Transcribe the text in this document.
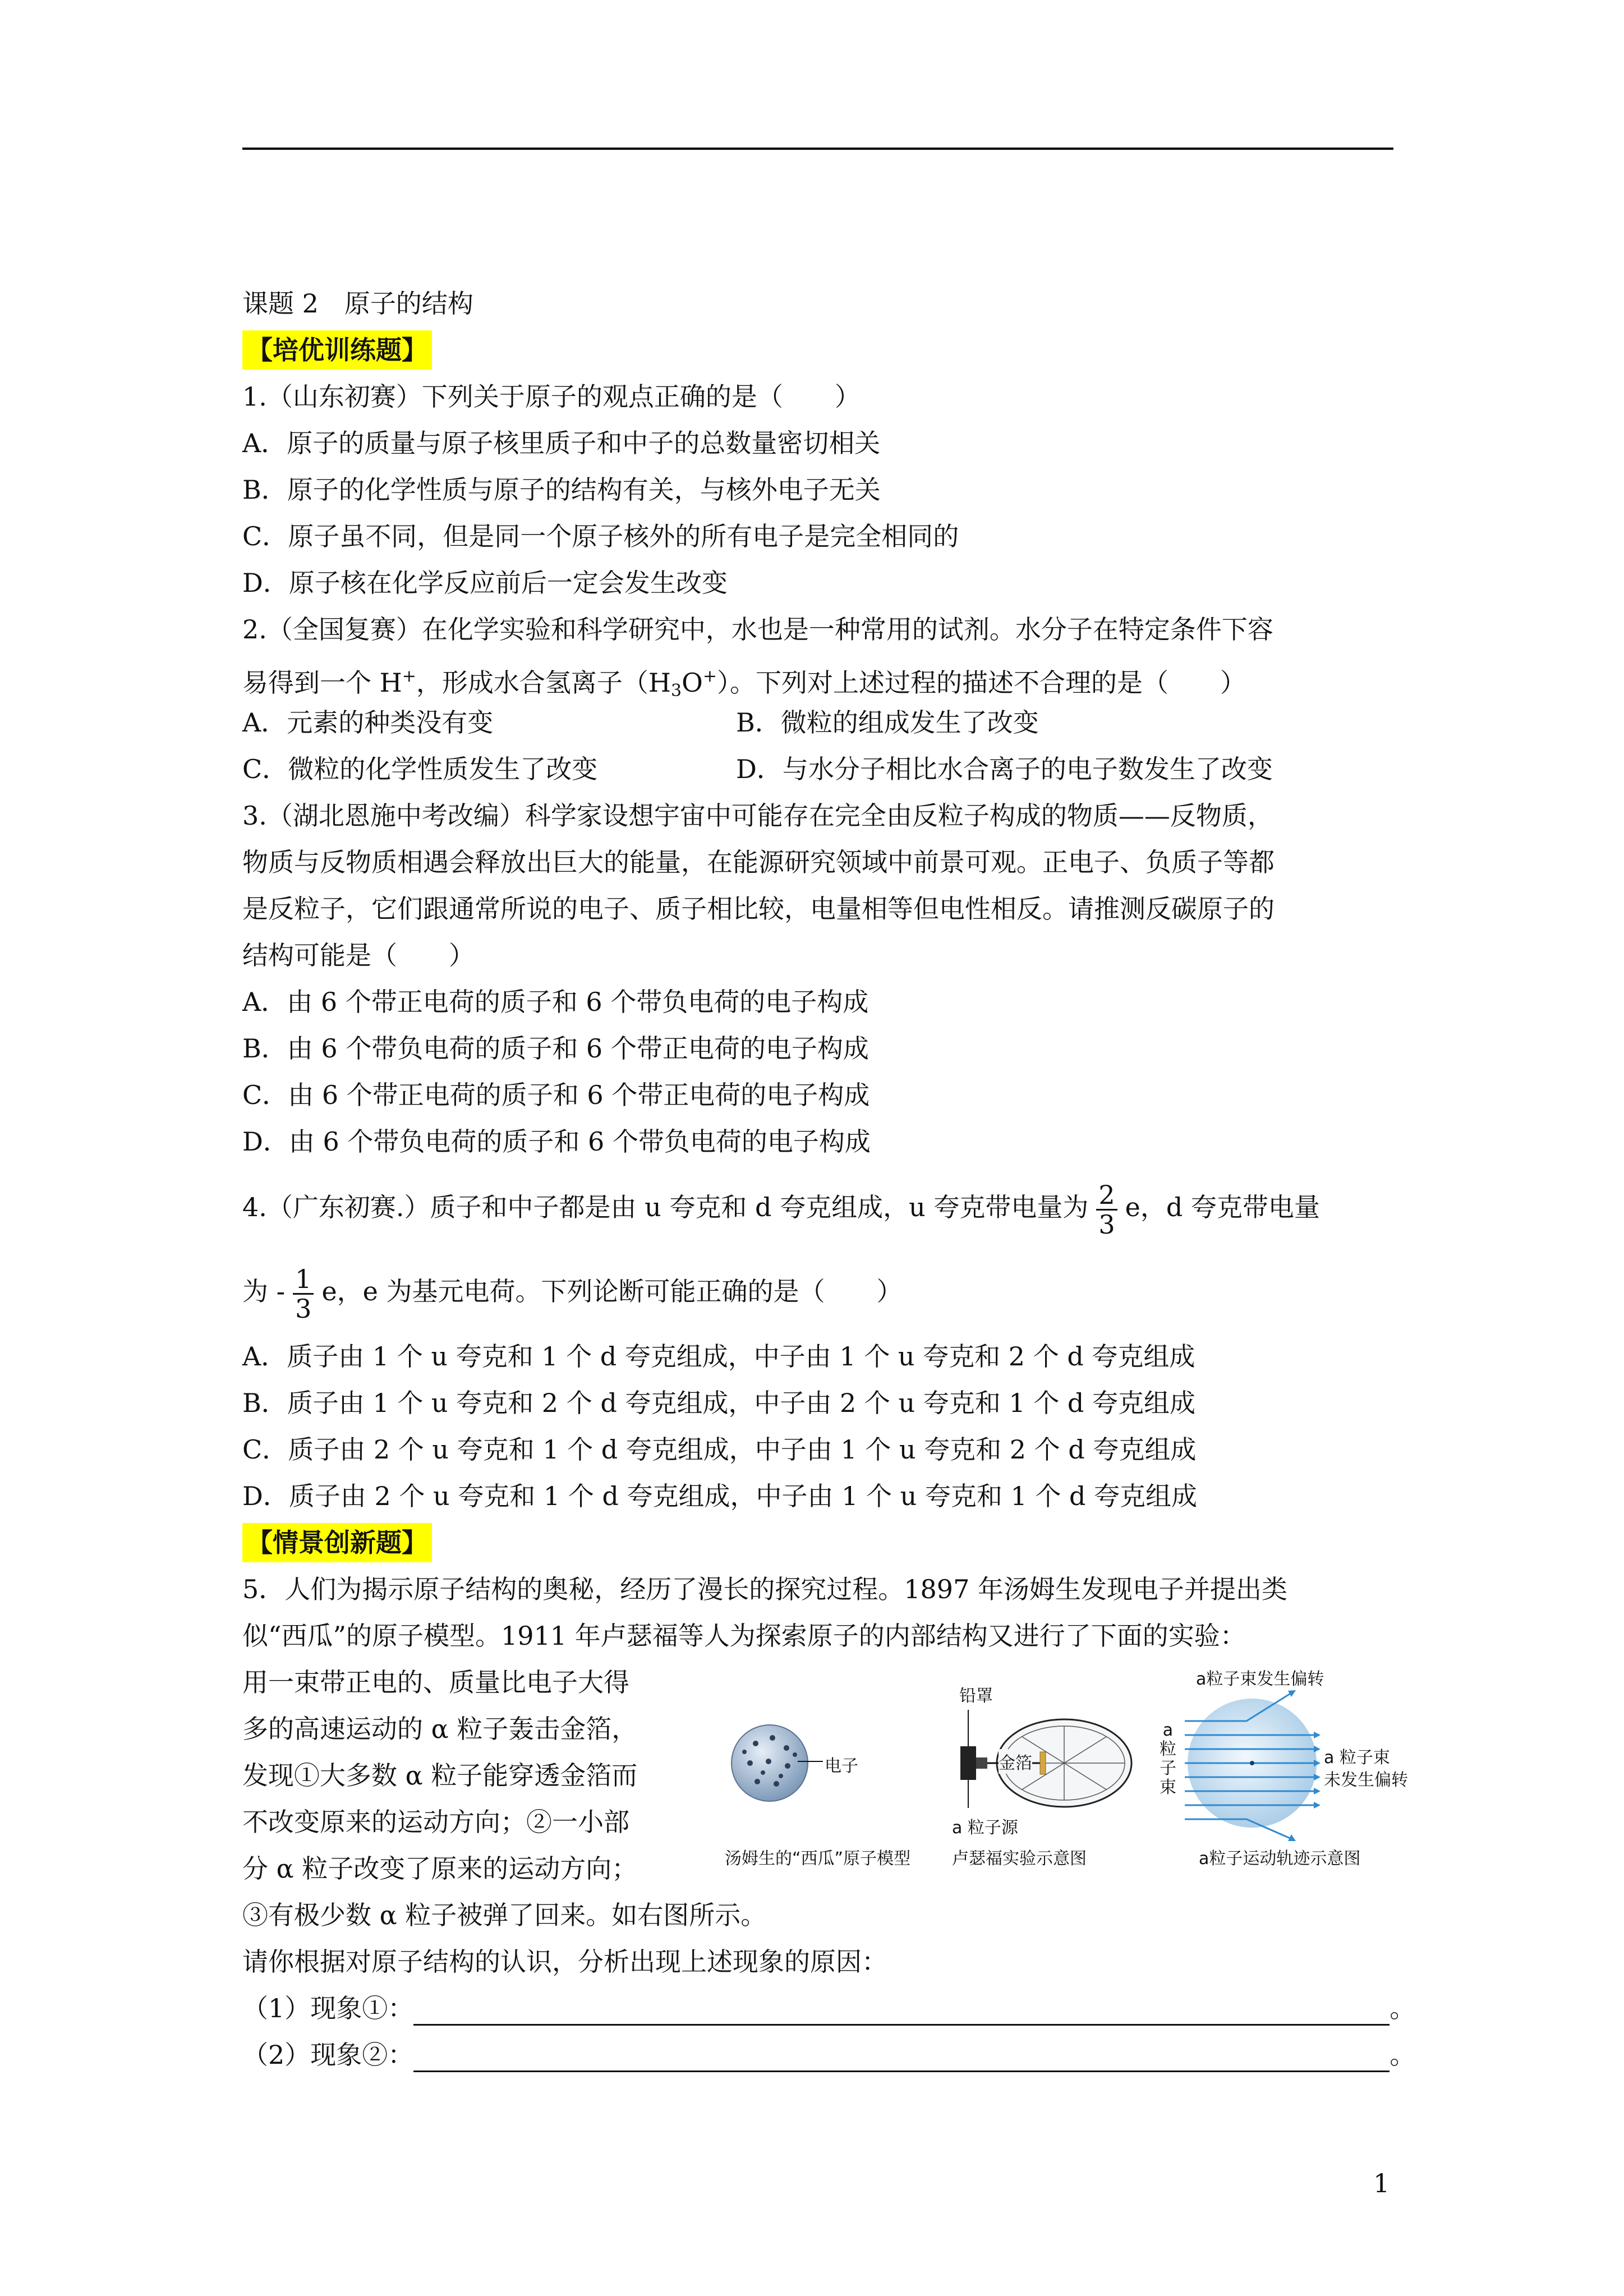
课题 2　原子的结构
【培优训练题】
1.（山东初赛）下列关于原子的观点正确的是（　　）
A．原子的质量与原子核里质子和中子的总数量密切相关
B．原子的化学性质与原子的结构有关，与核外电子无关
C．原子虽不同，但是同一个原子核外的所有电子是完全相同的
D．原子核在化学反应前后一定会发生改变
2.（全国复赛）在化学实验和科学研究中，水也是一种常用的试剂。水分子在特定条件下容
易得到一个 H+，形成水合氢离子$(H_3O^+)$。下列对上述过程的描述不合理的是（　　）
A．元素的种类没有变	B．微粒的组成发生了改变
C．微粒的化学性质发生了改变	D．与水分子相比水合离子的电子数发生了改变
3.（湖北恩施中考改编）科学家设想宇宙中可能存在完全由反粒子构成的物质——反物质，
物质与反物质相遇会释放出巨大的能量，在能源研究领域中前景可观。正电子、负质子等都
是反粒子，它们跟通常所说的电子、质子相比较，电量相等但电性相反。请推测反碳原子的
结构可能是（　　）
A．由 6 个带正电荷的质子和 6 个带负电荷的电子构成
B．由 6 个带负电荷的质子和 6 个带正电荷的电子构成
C．由 6 个带正电荷的质子和 6 个带正电荷的电子构成
D．由 6 个带负电荷的质子和 6 个带负电荷的电子构成
4.（广东初赛.）质子和中子都是由 u 夸克和 d 夸克组成，u 夸克带电量为 $\frac{2}{3}$ e，d 夸克带电量
为 - $\frac{1}{3}$ e，e 为基元电荷。下列论断可能正确的是（　　）
A．质子由 1 个 u 夸克和 1 个 d 夸克组成，中子由 1 个 u 夸克和 2 个 d 夸克组成
B．质子由 1 个 u 夸克和 2 个 d 夸克组成，中子由 2 个 u 夸克和 1 个 d 夸克组成
C．质子由 2 个 u 夸克和 1 个 d 夸克组成，中子由 1 个 u 夸克和 2 个 d 夸克组成
D．质子由 2 个 u 夸克和 1 个 d 夸克组成，中子由 1 个 u 夸克和 1 个 d 夸克组成
【情景创新题】
5．人们为揭示原子结构的奥秘，经历了漫长的探究过程。1897 年汤姆生发现电子并提出类
似“西瓜”的原子模型。1911 年卢瑟福等人为探索原子的内部结构又进行了下面的实验：
用一束带正电的、质量比电子大得
多的高速运动的 α 粒子轰击金箔，
发现①大多数 α 粒子能穿透金箔而
不改变原来的运动方向；②一小部
分 α 粒子改变了原来的运动方向；
电子
汤姆生的“西瓜”原子模型
铅罩
金箔
a 粒子源
卢瑟福实验示意图
a粒子束发生偏转
a
粒
子
束
a 粒子束
未发生偏转
a粒子运动轨迹示意图
③有极少数 α 粒子被弹了回来。如右图所示。
请你根据对原子结构的认识，分析出现上述现象的原因：
（1）现象①：	。
（2）现象②：	。
1
